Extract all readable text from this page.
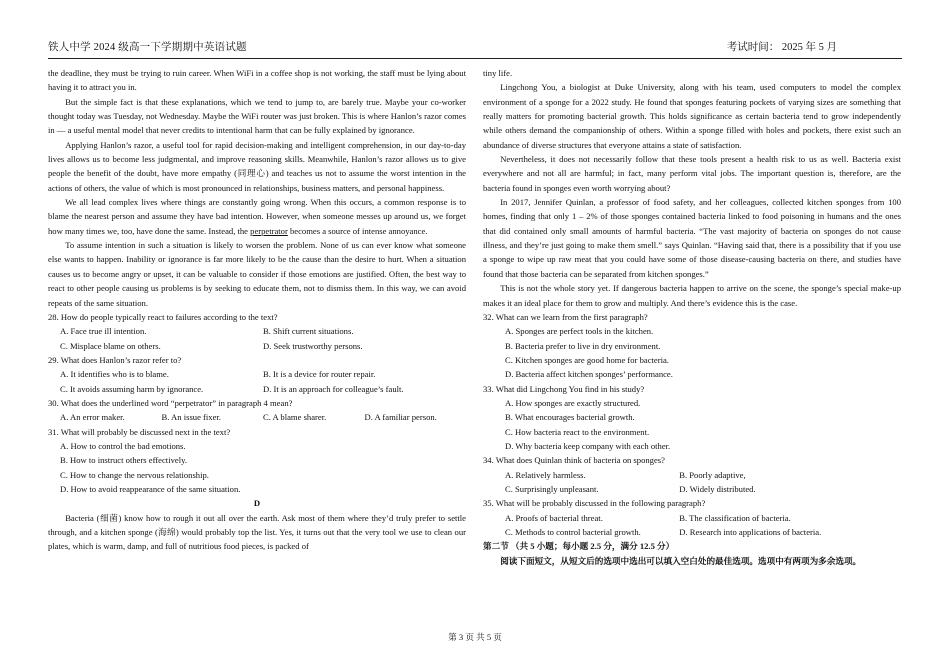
铁人中学 2024 级高一下学期期中英语试题	考试时间： 2025 年 5 月

the deadline, they must be trying to ruin career. When WiFi in a coffee shop is not working, the staff must be lying about having it to attract you in.

But the simple fact is that these explanations, which we tend to jump to, are barely true. Maybe your co-worker thought today was Tuesday, not Wednesday. Maybe the WiFi router was just broken. This is where Hanlon’s razor comes in — a useful mental model that never credits to intentional harm that can be fully explained by ignorance.

Applying Hanlon’s razor, a useful tool for rapid decision-making and intelligent comprehension, in our day-to-day lives allows us to become less judgmental, and improve reasoning skills. Meanwhile, Hanlon’s razor allows us to give people the benefit of the doubt, have more empathy (同理心) and teaches us not to assume the worst intention in the actions of others, the value of which is most pronounced in relationships, business matters, and personal happiness.

We all lead complex lives where things are constantly going wrong. When this occurs, a common response is to blame the nearest person and assume they have bad intention. However, when someone messes up around us, we forget how many times we, too, have done the same. Instead, the perpetrator becomes a source of intense annoyance.

To assume intention in such a situation is likely to worsen the problem. None of us can ever know what someone else wants to happen. Inability or ignorance is far more likely to be the cause than the desire to hurt. When a situation causes us to become angry or upset, it can be valuable to consider if those emotions are justified. Often, the best way to react to other people causing us problems is by seeking to educate them, not to dismiss them. In this way, we can avoid repeats of the same situation.

28. How do people typically react to failures according to the text?

A. Face true ill intention.	B. Shift current situations.
C. Misplace blame on others.	D. Seek trustworthy persons.

29. What does Hanlon’s razor refer to?

A. It identifies who is to blame.	B. It is a device for router repair.
C. It avoids assuming harm by ignorance.	D. It is an approach for colleague’s fault.

30. What does the underlined word “perpetrator” in paragraph 4 mean?

A. An error maker.	B. An issue fixer.	C. A blame sharer.	D. A familiar person.

31. What will probably be discussed next in the text?

A. How to control the bad emotions.
B. How to instruct others effectively.
C. How to change the nervous relationship.
D. How to avoid reappearance of the same situation.

D

Bacteria (细菌) know how to rough it out all over the earth. Ask most of them where they’d truly prefer to settle through, and a kitchen sponge (海绵) would probably top the list. Yes, it turns out that the very tool we use to clean our plates, which is warm, damp, and full of nutritious food pieces, is packed of

tiny life.

Lingchong You, a biologist at Duke University, along with his team, used computers to model the complex environment of a sponge for a 2022 study. He found that sponges featuring pockets of varying sizes are something that really matters for promoting bacterial growth. This holds significance as certain bacteria tend to grow independently while others demand the companionship of others. Within a sponge filled with holes and pockets, there exist such an abundance of diverse structures that everyone attains a state of satisfaction.

Nevertheless, it does not necessarily follow that these tools present a health risk to us as well. Bacteria exist everywhere and not all are harmful; in fact, many perform vital jobs. The important question is, therefore, are the bacteria found in sponges even worth worrying about?

In 2017, Jennifer Quinlan, a professor of food safety, and her colleagues, collected kitchen sponges from 100 homes, finding that only 1 – 2% of those sponges contained bacteria linked to food poisoning in humans and the ones that did contained only small amounts of harmful bacteria. “The vast majority of bacteria on sponges do not cause illness, and they’re just going to make them smell.” says Quinlan. “Having said that, there is a possibility that if you use a sponge to wipe up raw meat that you could have some of those disease-causing bacteria on there, and studies have found that those bacteria can be separated from kitchen sponges.”

This is not the whole story yet. If dangerous bacteria happen to arrive on the scene, the sponge’s special make-up makes it an ideal place for them to grow and multiply. And there’s evidence this is the case.

32. What can we learn from the first paragraph?

A. Sponges are perfect tools in the kitchen.
B. Bacteria prefer to live in dry environment.
C. Kitchen sponges are good home for bacteria.
D. Bacteria affect kitchen sponges’ performance.

33. What did Lingchong You find in his study?

A. How sponges are exactly structured.
B. What encourages bacterial growth.
C. How bacteria react to the environment.
D. Why bacteria keep company with each other.

34. What does Quinlan think of bacteria on sponges?

A. Relatively harmless.	B. Poorly adaptive,
C. Surprisingly unpleasant.	D. Widely distributed.

35. What will be probably discussed in the following paragraph?

A. Proofs of bacterial threat.	B. The classification of bacteria.
C. Methods to control bacterial growth.	D. Research into applications of bacteria.

第二节 （共 5 小题；每小题 2.5 分，满分 12.5 分）

阅读下面短文，从短文后的选项中选出可以填入空白处的最佳选项。选项中有两项为多余选项。

第 3 页 共 5 页
